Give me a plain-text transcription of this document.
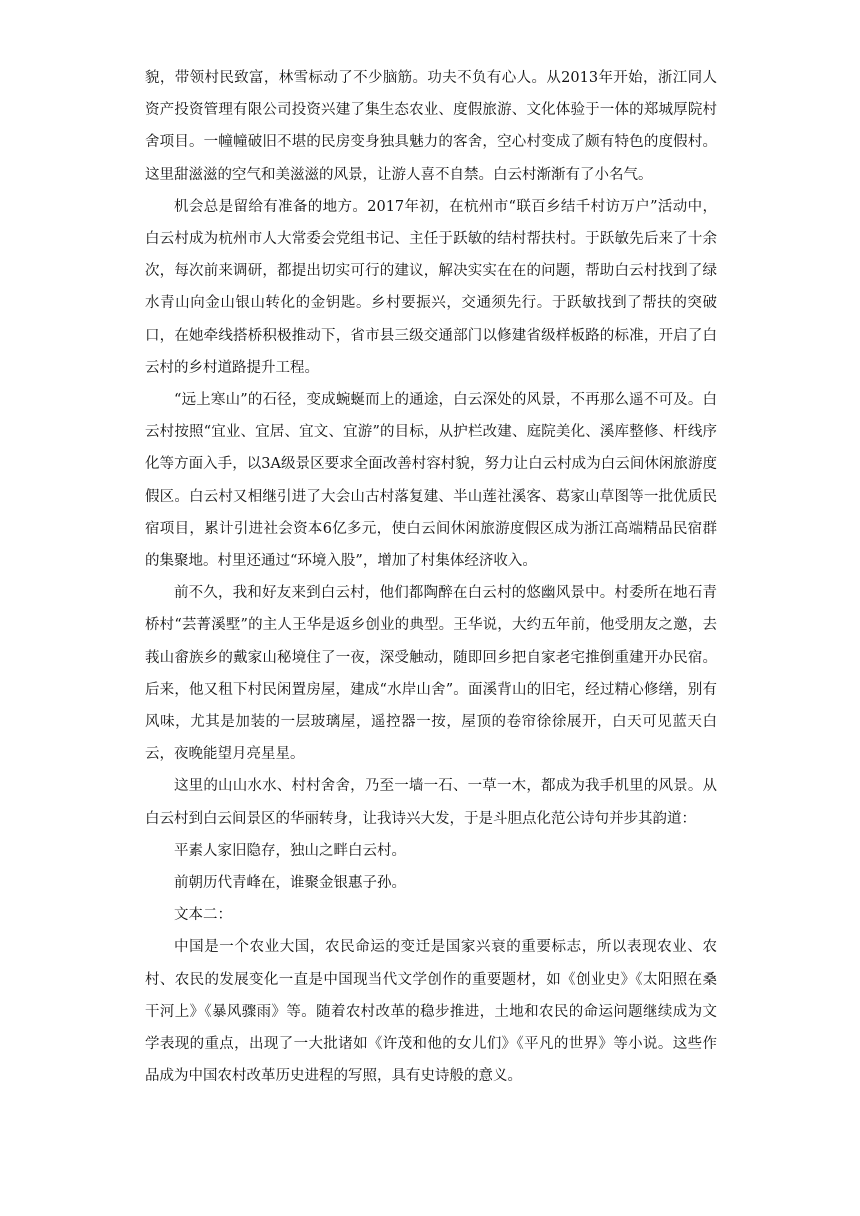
貌，带领村民致富，林雪标动了不少脑筋。功夫不负有心人。从2013年开始，浙江同人资产投资管理有限公司投资兴建了集生态农业、度假旅游、文化体验于一体的郑城厚院村舍项目。一幢幢破旧不堪的民房变身独具魅力的客舍，空心村变成了颇有特色的度假村。这里甜滋滋的空气和美滋滋的风景，让游人喜不自禁。白云村渐渐有了小名气。

机会总是留给有准备的地方。2017年初，在杭州市“联百乡结千村访万户”活动中，白云村成为杭州市人大常委会党组书记、主任于跃敏的结村帮扶村。于跃敏先后来了十余次，每次前来调研，都提出切实可行的建议，解决实实在在的问题，帮助白云村找到了绿水青山向金山银山转化的金钥匙。乡村要振兴，交通须先行。于跃敏找到了帮扶的突破口，在她牵线搭桥积极推动下，省市县三级交通部门以修建省级样板路的标准，开启了白云村的乡村道路提升工程。

“远上寒山”的石径，变成蜿蜒而上的通途，白云深处的风景，不再那么遥不可及。白云村按照“宜业、宜居、宜文、宜游”的目标，从护栏改建、庭院美化、溪库整修、杆线序化等方面入手，以3A级景区要求全面改善村容村貌，努力让白云村成为白云间休闲旅游度假区。白云村又相继引进了大会山古村落复建、半山莲社溪客、葛家山草图等一批优质民宿项目，累计引进社会资本6亿多元，使白云间休闲旅游度假区成为浙江高端精品民宿群的集聚地。村里还通过“环境入股”，增加了村集体经济收入。

前不久，我和好友来到白云村，他们都陶醉在白云村的悠幽风景中。村委所在地石青桥村“芸菁溪墅”的主人王华是返乡创业的典型。王华说，大约五年前，他受朋友之邀，去莪山畲族乡的戴家山秘境住了一夜，深受触动，随即回乡把自家老宅推倒重建开办民宿。后来，他又租下村民闲置房屋，建成“水岸山舍”。面溪背山的旧宅，经过精心修缮，别有风味，尤其是加装的一层玻璃屋，遥控器一按，屋顶的卷帘徐徐展开，白天可见蓝天白云，夜晚能望月亮星星。

这里的山山水水、村村舍舍，乃至一墙一石、一草一木，都成为我手机里的风景。从白云村到白云间景区的华丽转身，让我诗兴大发，于是斗胆点化范公诗句并步其韵道：

平素人家旧隐存，独山之畔白云村。

前朝历代青峰在，谁聚金银惠子孙。

文本二：

中国是一个农业大国，农民命运的变迁是国家兴衰的重要标志，所以表现农业、农村、农民的发展变化一直是中国现当代文学创作的重要题材，如《创业史》《太阳照在桑干河上》《暴风骤雨》等。随着农村改革的稳步推进，土地和农民的命运问题继续成为文学表现的重点，出现了一大批诸如《许茂和他的女儿们》《平凡的世界》等小说。这些作品成为中国农村改革历史进程的写照，具有史诗般的意义。
